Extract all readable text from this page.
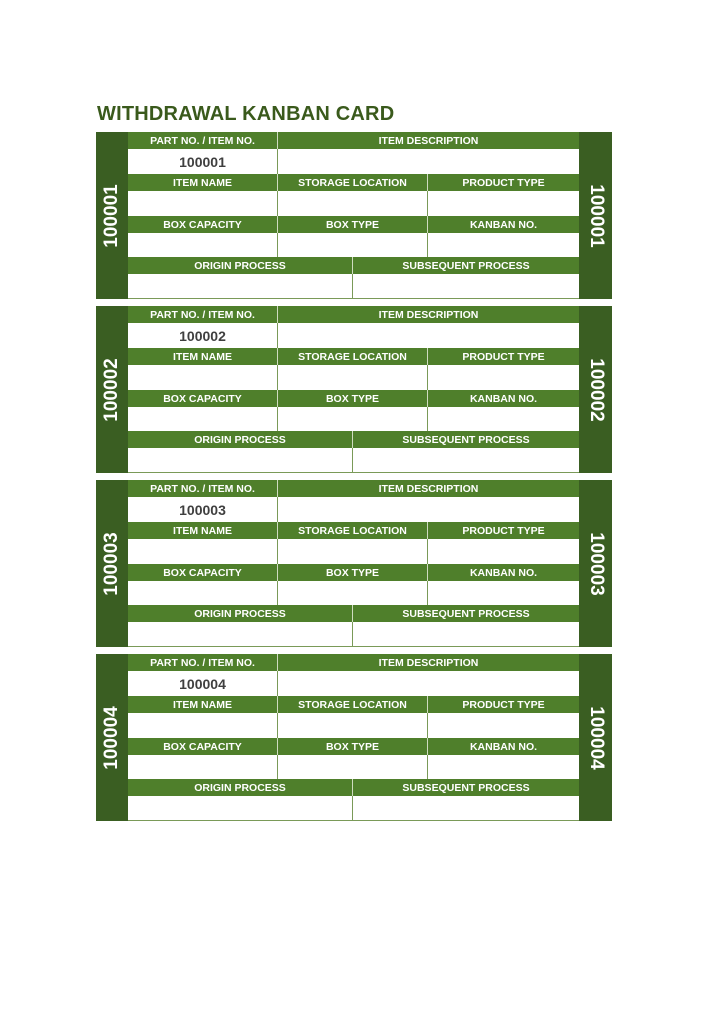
WITHDRAWAL KANBAN CARD
100001
PART NO. / ITEM NO.	ITEM DESCRIPTION
100001
ITEM NAME	STORAGE LOCATION	PRODUCT TYPE
BOX CAPACITY	BOX TYPE	KANBAN NO.
ORIGIN PROCESS	SUBSEQUENT PROCESS
100001
100002
PART NO. / ITEM NO.	ITEM DESCRIPTION
100002
ITEM NAME	STORAGE LOCATION	PRODUCT TYPE
BOX CAPACITY	BOX TYPE	KANBAN NO.
ORIGIN PROCESS	SUBSEQUENT PROCESS
100002
100003
PART NO. / ITEM NO.	ITEM DESCRIPTION
100003
ITEM NAME	STORAGE LOCATION	PRODUCT TYPE
BOX CAPACITY	BOX TYPE	KANBAN NO.
ORIGIN PROCESS	SUBSEQUENT PROCESS
100003
100004
PART NO. / ITEM NO.	ITEM DESCRIPTION
100004
ITEM NAME	STORAGE LOCATION	PRODUCT TYPE
BOX CAPACITY	BOX TYPE	KANBAN NO.
ORIGIN PROCESS	SUBSEQUENT PROCESS
100004
